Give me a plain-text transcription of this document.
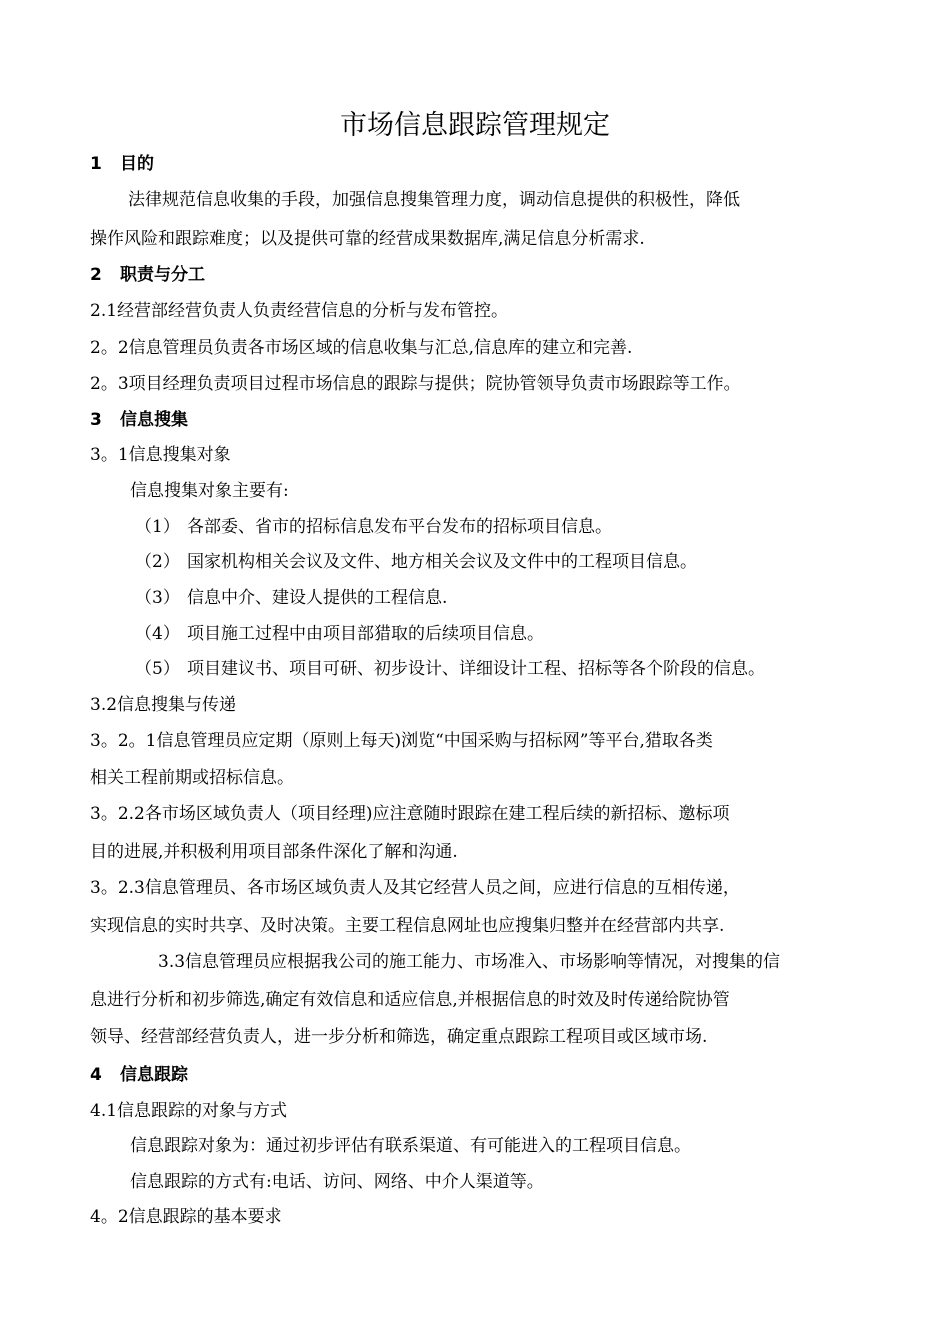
市场信息跟踪管理规定
1 目的
法律规范信息收集的手段，加强信息搜集管理力度，调动信息提供的积极性，降低
操作风险和跟踪难度；以及提供可靠的经营成果数据库,满足信息分析需求.
2 职责与分工
2.1经营部经营负责人负责经营信息的分析与发布管控。
2。2信息管理员负责各市场区域的信息收集与汇总,信息库的建立和完善.
2。3项目经理负责项目过程市场信息的跟踪与提供；院协管领导负责市场跟踪等工作。
3 信息搜集
3。1信息搜集对象
信息搜集对象主要有:
（1） 各部委、省市的招标信息发布平台发布的招标项目信息。
（2） 国家机构相关会议及文件、地方相关会议及文件中的工程项目信息。
（3） 信息中介、建设人提供的工程信息.
（4） 项目施工过程中由项目部猎取的后续项目信息。
（5） 项目建议书、项目可研、初步设计、详细设计工程、招标等各个阶段的信息。
3.2信息搜集与传递
3。2。1信息管理员应定期（原则上每天)浏览“中国采购与招标网”等平台,猎取各类
相关工程前期或招标信息。
3。2.2各市场区域负责人（项目经理)应注意随时跟踪在建工程后续的新招标、邀标项
目的进展,并积极利用项目部条件深化了解和沟通.
3。2.3信息管理员、各市场区域负责人及其它经营人员之间，应进行信息的互相传递，
实现信息的实时共享、及时决策。主要工程信息网址也应搜集归整并在经营部内共享.
3.3信息管理员应根据我公司的施工能力、市场准入、市场影响等情况，对搜集的信
息进行分析和初步筛选,确定有效信息和适应信息,并根据信息的时效及时传递给院协管
领导、经营部经营负责人，进一步分析和筛选，确定重点跟踪工程项目或区域市场.
4 信息跟踪
4.1信息跟踪的对象与方式
信息跟踪对象为：通过初步评估有联系渠道、有可能进入的工程项目信息。
信息跟踪的方式有:电话、访问、网络、中介人渠道等。
4。2信息跟踪的基本要求
